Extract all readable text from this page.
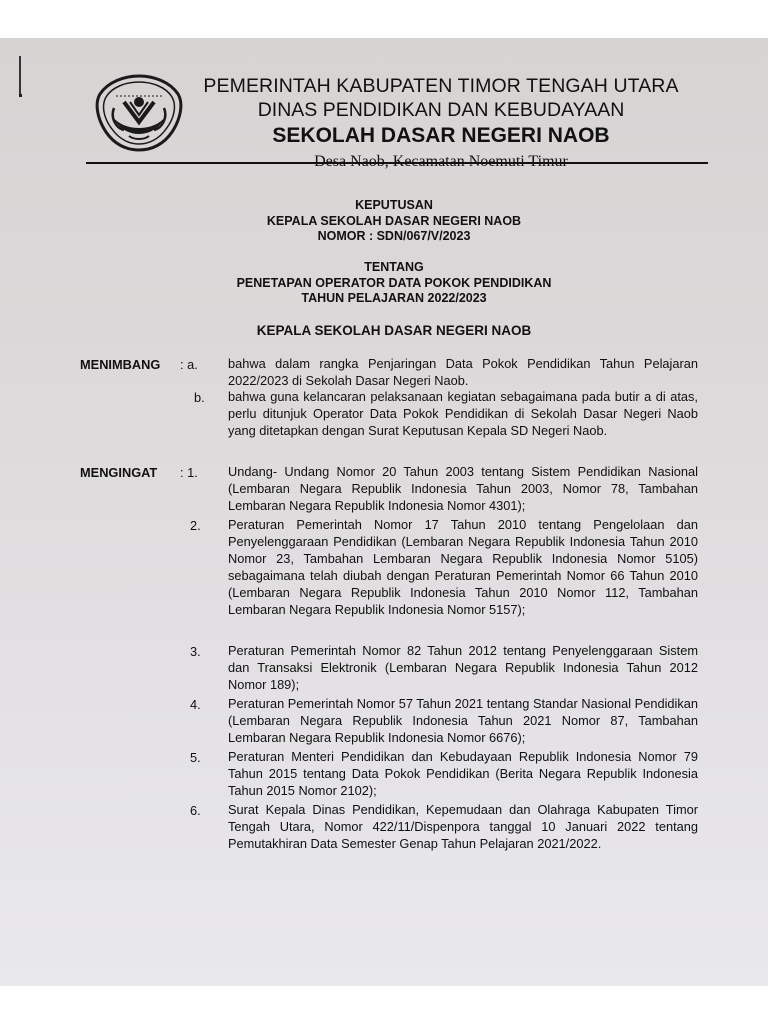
PEMERINTAH KABUPATEN TIMOR TENGAH UTARA
DINAS PENDIDIKAN DAN KEBUDAYAAN
SEKOLAH DASAR NEGERI NAOB
KEPUTUSAN
KEPALA SEKOLAH DASAR NEGERI NAOB
NOMOR : SDN/067/V/2023
TENTANG
PENETAPAN OPERATOR DATA POKOK PENDIDIKAN
TAHUN PELAJARAN 2022/2023
KEPALA SEKOLAH DASAR NEGERI NAOB
MENIMBANG : a. bahwa dalam rangka Penjaringan Data Pokok Pendidikan Tahun Pelajaran 2022/2023 di Sekolah Dasar Negeri Naob.
b. bahwa guna kelancaran pelaksanaan kegiatan sebagaimana pada butir a di atas, perlu ditunjuk Operator Data Pokok Pendidikan di Sekolah Dasar Negeri Naob yang ditetapkan dengan Surat Keputusan Kepala SD Negeri Naob.
MENGINGAT : 1. Undang- Undang Nomor 20 Tahun 2003 tentang Sistem Pendidikan Nasional (Lembaran Negara Republik Indonesia Tahun 2003, Nomor 78, Tambahan Lembaran Negara Republik Indonesia Nomor 4301);
2. Peraturan Pemerintah Nomor 17 Tahun 2010 tentang Pengelolaan dan Penyelenggaraan Pendidikan (Lembaran Negara Republik Indonesia Tahun 2010 Nomor 23, Tambahan Lembaran Negara Republik Indonesia Nomor 5105) sebagaimana telah diubah dengan Peraturan Pemerintah Nomor 66 Tahun 2010 (Lembaran Negara Republik Indonesia Tahun 2010 Nomor 112, Tambahan Lembaran Negara Republik Indonesia Nomor 5157);
3. Peraturan Pemerintah Nomor 82 Tahun 2012 tentang Penyelenggaraan Sistem dan Transaksi Elektronik (Lembaran Negara Republik Indonesia Tahun 2012 Nomor 189);
4. Peraturan Pemerintah Nomor 57 Tahun 2021 tentang Standar Nasional Pendidikan (Lembaran Negara Republik Indonesia Tahun 2021 Nomor 87, Tambahan Lembaran Negara Republik Indonesia Nomor 6676);
5. Peraturan Menteri Pendidikan dan Kebudayaan Republik Indonesia Nomor 79 Tahun 2015 tentang Data Pokok Pendidikan (Berita Negara Republik Indonesia Tahun 2015 Nomor 2102);
6. Surat Kepala Dinas Pendidikan, Kepemudaan dan Olahraga Kabupaten Timor Tengah Utara, Nomor 422/11/Dispenpora tanggal 10 Januari 2022 tentang Pemutakhiran Data Semester Genap Tahun Pelajaran 2021/2022.
